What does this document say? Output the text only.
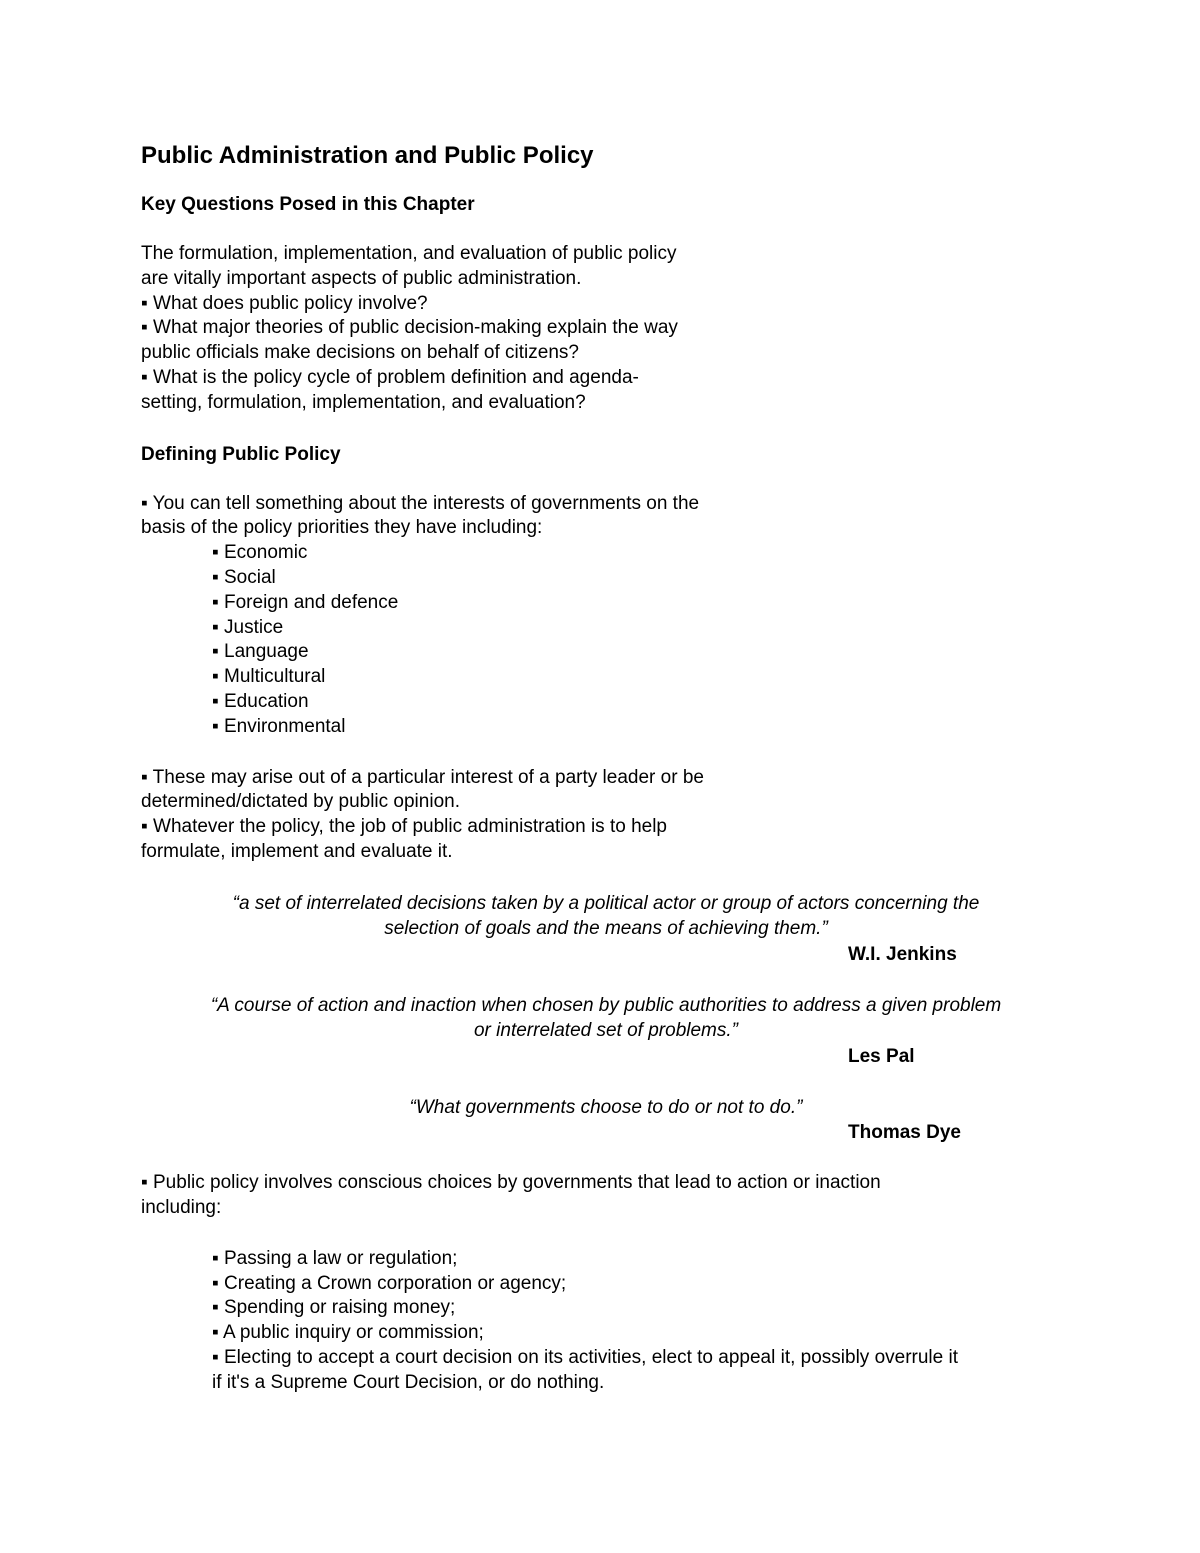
Public Administration and Public Policy
Key Questions Posed in this Chapter

The formulation, implementation, and evaluation of public policy

are vitally important aspects of public administration.

▪ What does public policy involve?

▪ What major theories of public decision-making explain the way

public officials make decisions on behalf of citizens?

▪ What is the policy cycle of problem definition and agenda-

setting, formulation, implementation, and evaluation?

Defining Public Policy

▪ You can tell something about the interests of governments on the

basis of the policy priorities they have including:

▪ Economic
▪ Social
▪ Foreign and defence
▪ Justice
▪ Language
▪ Multicultural
▪ Education
▪ Environmental

▪ These may arise out of a particular interest of a party leader or be

determined/dictated by public opinion.

▪ Whatever the policy, the job of public administration is to help

formulate, implement and evaluate it.

“a set of interrelated decisions taken by a political actor or group of actors concerning the

selection of goals and the means of achieving them.”

W.I. Jenkins

“A course of action and inaction when chosen by public authorities to address a given problem

or interrelated set of problems.”

Les Pal

“What governments choose to do or not to do.”

Thomas Dye

▪ Public policy involves conscious choices by governments that lead to action or inaction

including:

▪ Passing a law or regulation;
▪ Creating a Crown corporation or agency;
▪ Spending or raising money;
▪ A public inquiry or commission;
▪ Electing to accept a court decision on its activities, elect to appeal it, possibly overrule it
if it's a Supreme Court Decision, or do nothing.
